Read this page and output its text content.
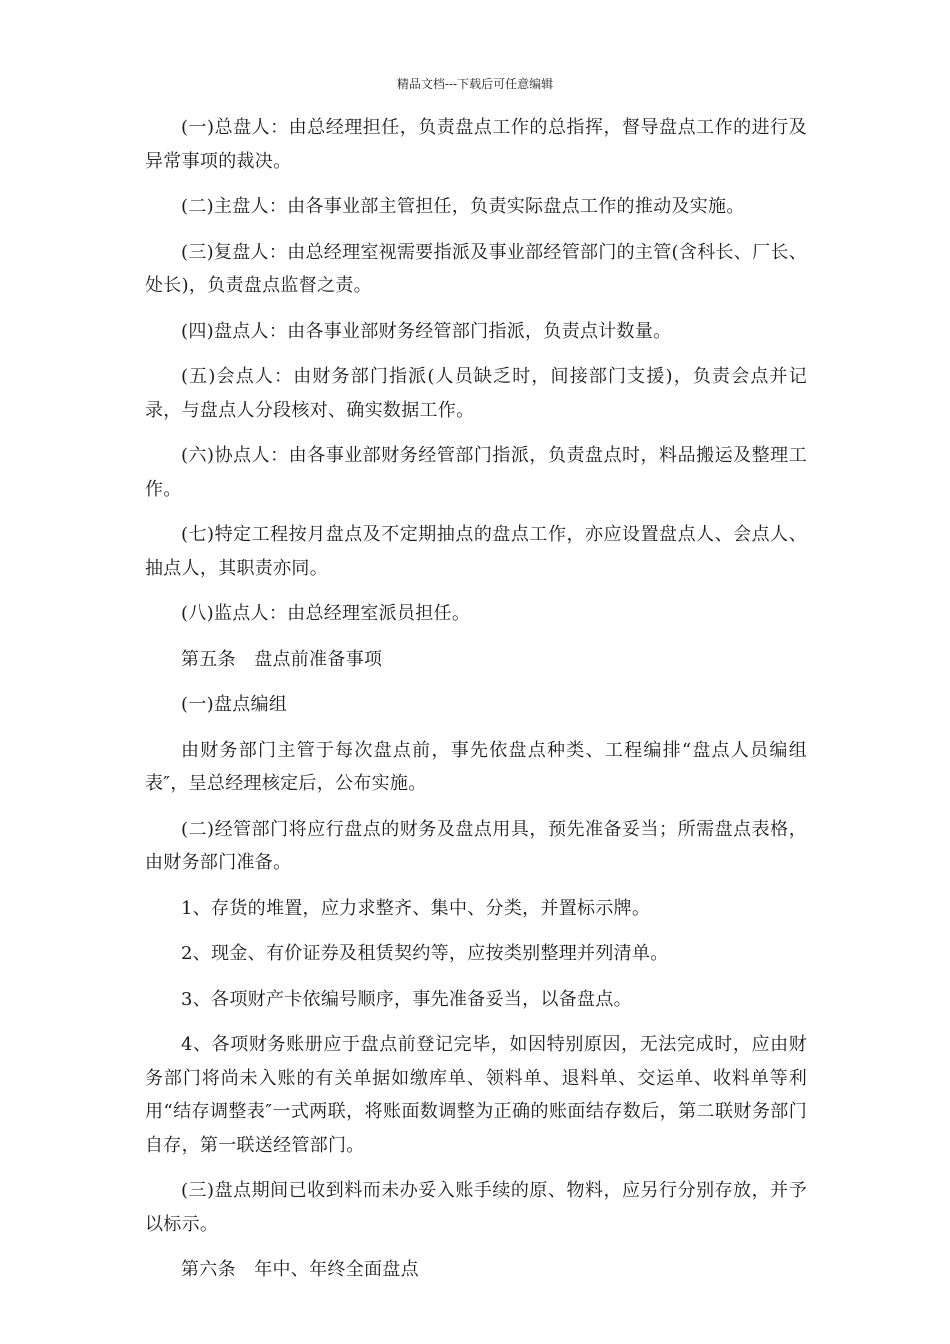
精品文档---下载后可任意编辑

(一)总盘人：由总经理担任，负责盘点工作的总指挥，督导盘点工作的进行及异常事项的裁决。

(二)主盘人：由各事业部主管担任，负责实际盘点工作的推动及实施。

(三)复盘人：由总经理室视需要指派及事业部经管部门的主管(含科长、厂长、处长)，负责盘点监督之责。

(四)盘点人：由各事业部财务经管部门指派，负责点计数量。

(五)会点人：由财务部门指派(人员缺乏时，间接部门支援)，负责会点并记录，与盘点人分段核对、确实数据工作。

(六)协点人：由各事业部财务经管部门指派，负责盘点时，料品搬运及整理工作。

(七)特定工程按月盘点及不定期抽点的盘点工作，亦应设置盘点人、会点人、抽点人，其职责亦同。

(八)监点人：由总经理室派员担任。

第五条　盘点前准备事项

(一)盘点编组

由财务部门主管于每次盘点前，事先依盘点种类、工程编排“盘点人员编组表″，呈总经理核定后，公布实施。

(二)经管部门将应行盘点的财务及盘点用具，预先准备妥当；所需盘点表格，由财务部门准备。

1、存货的堆置，应力求整齐、集中、分类，并置标示牌。

2、现金、有价证券及租赁契约等，应按类别整理并列清单。

3、各项财产卡依编号顺序，事先准备妥当，以备盘点。

4、各项财务账册应于盘点前登记完毕，如因特别原因，无法完成时，应由财务部门将尚未入账的有关单据如缴库单、领料单、退料单、交运单、收料单等利用“结存调整表″一式两联，将账面数调整为正确的账面结存数后，第二联财务部门自存，第一联送经管部门。

(三)盘点期间已收到料而未办妥入账手续的原、物料，应另行分别存放，并予以标示。

第六条　年中、年终全面盘点
